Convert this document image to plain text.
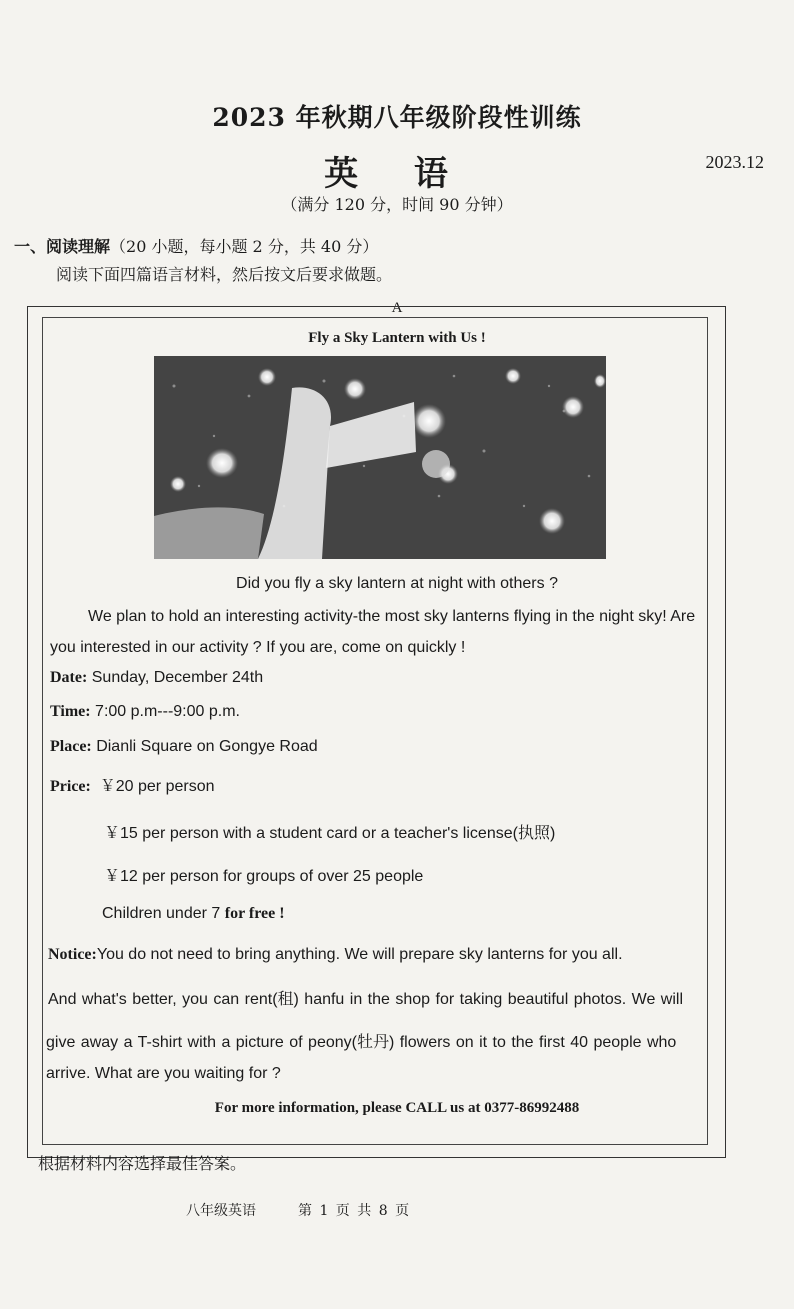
2023 年秋期八年级阶段性训练
英 语	2023.12
（满分 120 分，时间 90 分钟）
一、阅读理解（20 小题，每小题 2 分，共 40 分）
阅读下面四篇语言材料，然后按文后要求做题。
A
Fly a Sky Lantern with Us !
Did you fly a sky lantern at night with others ?
We plan to hold an interesting activity-the most sky lanterns flying in the night sky! Are
you interested in our activity ? If you are, come on quickly !
Date: Sunday, December 24th
Time: 7:00 p.m---9:00 p.m.
Place: Dianli Square on Gongye Road
Price:  ￥20 per person
￥15 per person with a student card or a teacher's license(执照)
￥12 per person for groups of over 25 people
Children under 7 for free !
Notice:You do not need to bring anything. We will prepare sky lanterns for you all.
And what's better, you can rent(租) hanfu in the shop for taking beautiful photos. We will
give away a T-shirt with a picture of peony(牡丹) flowers on it to the first 40 people who
arrive. What are you waiting for ?
For more information, please CALL us at 0377-86992488
根据材料内容选择最佳答案。
八年级英语　　　第 1 页 共 8 页
